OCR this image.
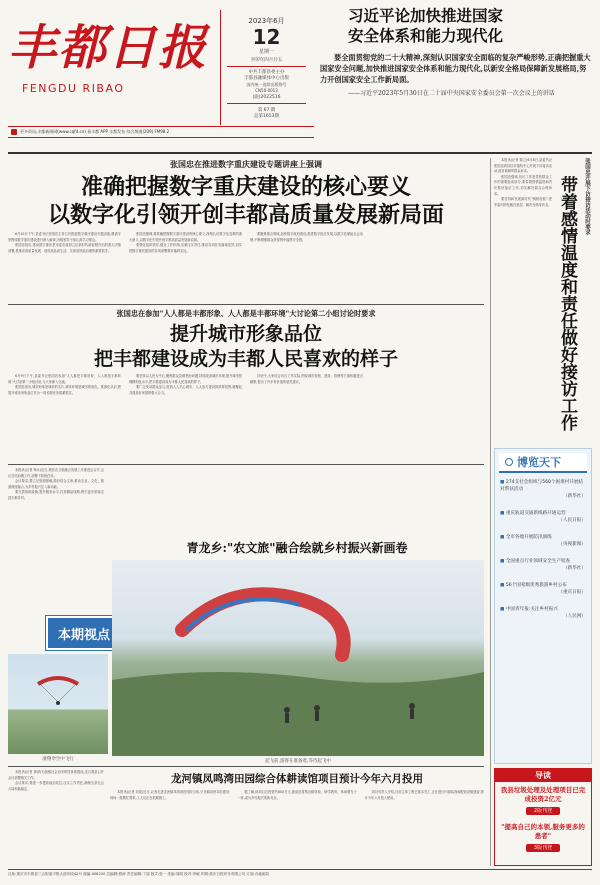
丰都日报
FENGDU RIBAO
2023年6月
12
星期一
癸卯年四月廿五
中共丰都县委主办
丰都县融媒体中心出版
国内统一连续出版物号
CN50-0013
(渝)2022516
第 67 期
总第1653期
更多资讯,丰都新闻网(www.cqfd.cn) 看丰都 APP 丰都发布 综合频道(209) FM98.2
习近平论加快推进国家
安全体系和能力现代化
要全面贯彻党的二十大精神,深刻认识国家安全面临的复杂严峻形势,正确把握重大国家安全问题,加快推进国家安全体系和能力现代化,以新安全格局保障新发展格局,努力开创国家安全工作新局面。
——习近平2023年5月30日在二十届中央国家安全委员会第一次会议上的讲话
张国忠在推进数字重庆建设专题讲座上强调
准确把握数字重庆建设的核心要义
以数字化引领开创丰都高质量发展新局面

6月10日下午,县委书记张国忠主持召开推进数字重庆建设专题讲座,邀请专家围绕数字重庆建设进行深入解读,各级领导干部认真学习领会。

张国忠指出,建设数字重庆是市委市政府立足新时代新征程作出的重大决策部署,是推动高质量发展、创造高品质生活、实现高效能治理的重要抓手。

张国忠强调,要准确把握数字重庆建设的核心要义,深刻认识数字化变革的重大意义,以数字化引领开创丰都高质量发展新局面。

要强化组织领导,健全工作机制,压紧压实责任,推动各项任务落地见效,切实把数字重庆建设的各项部署要求落到实处。

要聚焦重点领域,加快数字政府建设,推进数字经济发展,以数字化赋能社会治理,不断增强群众获得感幸福感安全感。

张国忠在参加"人人都是丰都形象、人人都是丰都环境"大讨论第二小组讨论时要求
提升城市形象品位
把丰都建设成为丰都人民喜欢的样子

6月9日下午,县委书记张国忠参加"人人都是丰都形象、人人都是丰都环境"大讨论第二小组讨论,与大家深入交流。

张国忠指出,城市形象是城市的名片,城市环境是城市的底色。要深化认识,把提升城市形象品位作为一项长期任务抓紧抓实。

要坚持以人民为中心,聚焦群众急难愁盼问题,持续改善城市环境,提升城市管理精细化水平,把丰都建设成为丰都人民喜欢的样子。

要广泛发动群众参与,营造人人关心城市、人人参与建设的浓厚氛围,凝聚起共建美好家园的强大合力。

讨论中,大家结合各自工作实际,围绕城市规划、建设、管理等方面积极建言献策,提出了许多有价值的意见建议。

本报讯(记者 杨永)近日,我县农文旅融合发展工作推进会召开,会议总结前期工作,部署下阶段任务。

会议要求,要立足资源禀赋,做好结合文章,推动农业、文化、旅游深度融合,为乡村振兴注入新动能。

要完善基础设施,提升服务水平,打造精品线路,吸引更多游客走进丰都乡村。

本期视点
青龙乡:"农文旅"融合绘就乡村振兴新画卷
滑翔伞空中飞行	起飞前,游客在准备着,等待起飞中

本报讯(记者 黄泽)为加强社会治安防控体系建设,近日我县召开会议部署相关工作。

会议要求,要进一步提高政治站位,压实工作责任,确保全县社会大局和谐稳定。

龙河镇凤鸣湾田园综合体耕读馆项目预计今年六月投用

本报讯(记者 刘星)近日,记者走进龙河镇凤鸣湾田园综合体,只见耕读馆项目建设现场一派繁忙景象,工人们正在抓紧施工。

据了解,该项目总投资约800万元,建成后将集农耕体验、研学教育、休闲观光于一体,成为乡村振兴的新亮点。

项目负责人介绍,目前主体工程已基本完工,正在进行内部装饰和配套设施建设,预计今年六月投入使用。

本报讯(记者 陈立)6月8日,县委书记张国忠到县信访接待中心开展下访接访活动,面对面倾听群众诉求。

张国忠强调,信访工作是党的群众工作的重要组成部分,要带着感情温度和责任做好接访工作,切实解决群众合理诉求。

要坚持和发展新时代"枫桥经验",把矛盾纠纷化解在基层、解决在萌芽状态。 带着感情温度和责任做好接访工作 张国忠开展下访接访活动时要求
博览天下
■ 274支社会组织与560个困难村开展结对帮扶活动
（新华社）
■ 重庆轨道交通新线路开通运营
（人民日报）
■ 全市各地开展防汛演练
（央视新闻）
■ 全国重点行业领域安全生产检查
（新华社）
■ 56个国家级优秀旅游乡村公布
（重庆日报）
■ 中国青年报:关注乡村振兴
（人民网）
导读
我县垃圾处理及处理项目已完成投资2亿元
2版刊登
"提高自己的本领,服务更多的患者"
3版刊登
社址:重庆市丰都县三合街道平都大道东段42号 邮编:408200 总编辑:熊涛 责任编辑:丁丽 版式:张一 美编:周明 校对:李敏 印刷:重庆日报印务有限公司 订阅:各地邮局
